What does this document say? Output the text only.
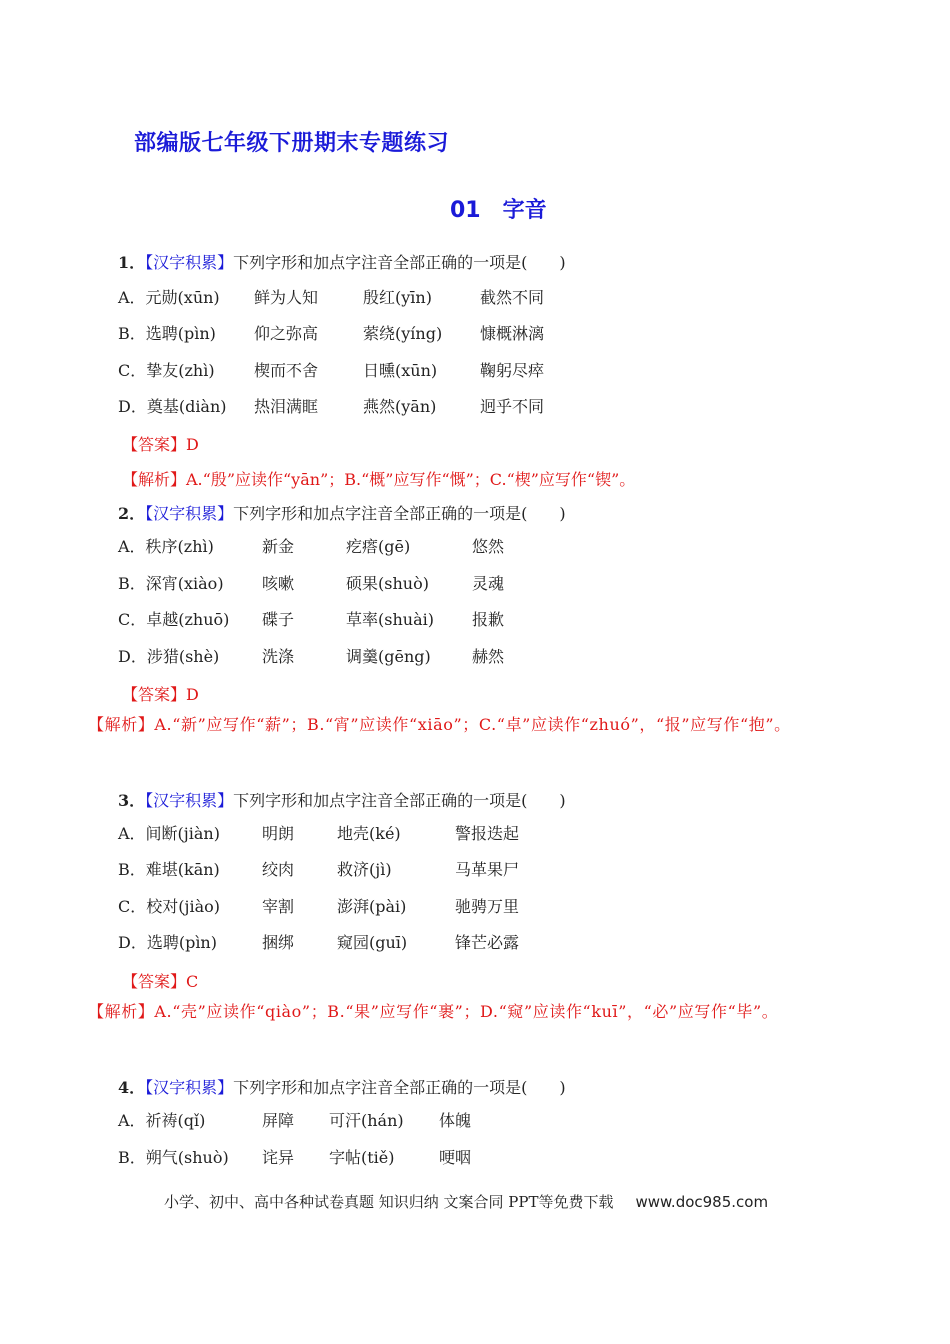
部编版七年级下册期末专题练习
01 字音
1．【汉字积累】下列字形和加点字注音全部正确的一项是(　　)
A．元勋(xūn) 鲜为人知	殷红(yīn)	截然不同
B．选聘(pìn) 仰之弥高	萦绕(yíng) 慷概淋漓
C．挚友(zhì) 楔而不舍	日曛(xūn)	鞠躬尽瘁
D．奠基(diàn) 热泪满眶	燕然(yān)	迥乎不同
【答案】D
【解析】A.“殷”应读作“yān”；B.“概”应写作“慨”；C.“楔”应写作“锲”。
2．【汉字积累】下列字形和加点字注音全部正确的一项是(　　)
A．秩序(zhì)	新金	疙瘩(gē)	悠然
B．深宵(xiào) 咳嗽	硕果(shuò)	灵魂
C．卓越(zhuō) 碟子	草率(shuài) 报歉
D．涉猎(shè)	洗涤	调羹(gēng)	赫然
【答案】D
【解析】A.“新”应写作“薪”；B.“宵”应读作“xiāo”；C.“卓”应读作“zhuó”，“报”应写作“抱”。
3．【汉字积累】下列字形和加点字注音全部正确的一项是(　　)
A．间断(jiàn)	明朗	地壳(ké)	警报迭起
B．难堪(kān)	绞肉	救济(jì)	马革果尸
C．校对(jiào)	宰割	澎湃(pài)	驰骋万里
D．选聘(pìn)	捆绑	窥园(guī)	锋芒必露
【答案】C
【解析】A.“壳”应读作“qiào”；B.“果”应写作“裹”；D.“窥”应读作“kuī”，“必”应写作“毕”。
4．【汉字积累】下列字形和加点字注音全部正确的一项是(　　)
A．祈祷(qǐ)	屏障 可汗(hán) 体魄
B．朔气(shuò) 诧异 字帖(tiě)	哽咽
小学、初中、高中各种试卷真题 知识归纳 文案合同 PPT等免费下载 www.doc985.com
